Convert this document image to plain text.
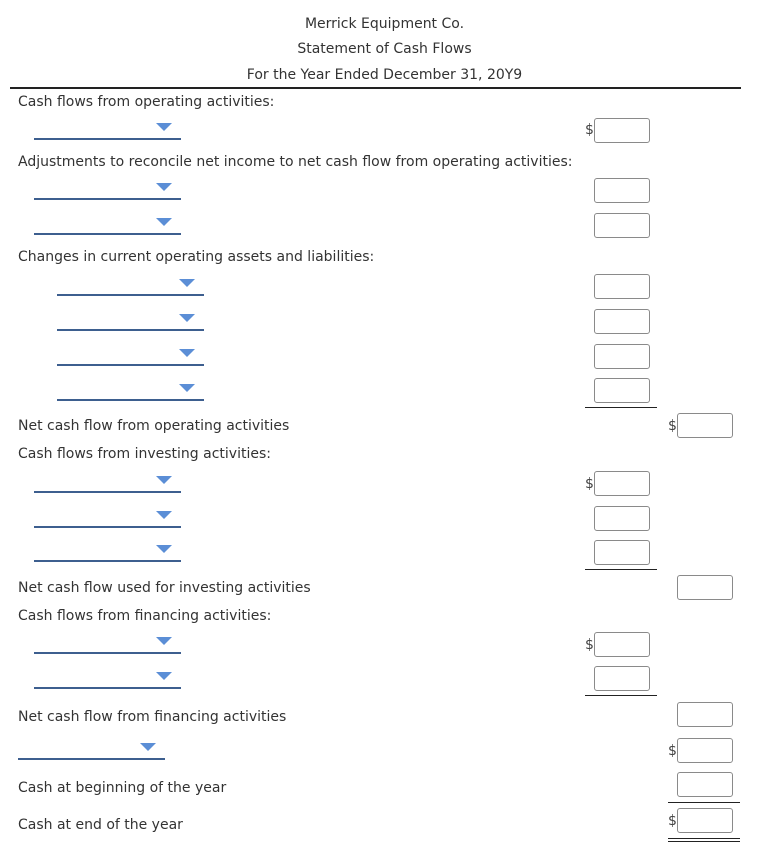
Merrick Equipment Co.
Statement of Cash Flows
For the Year Ended December 31, 20Y9
Cash flows from operating activities:
$
Adjustments to reconcile net income to net cash flow from operating activities:
Changes in current operating assets and liabilities:
Net cash flow from operating activities	$
Cash flows from investing activities:
$
Net cash flow used for investing activities
Cash flows from financing activities:
$
Net cash flow from financing activities
$
Cash at beginning of the year
Cash at end of the year	$
